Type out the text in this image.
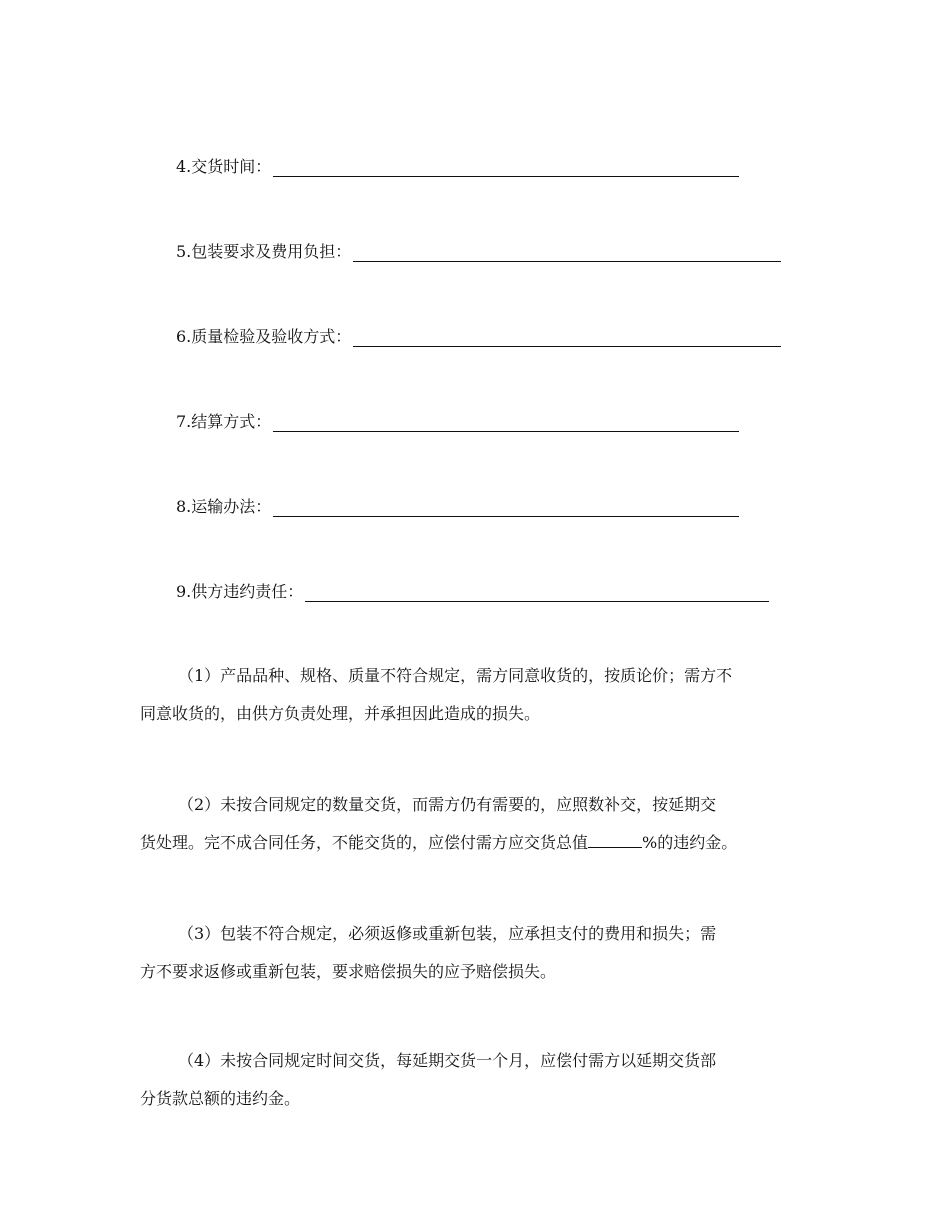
4.交货时间：
5.包装要求及费用负担：
6.质量检验及验收方式：
7.结算方式：
8.运输办法：
9.供方违约责任：
（1）产品品种、规格、质量不符合规定，需方同意收货的，按质论价；需方不
同意收货的，由供方负责处理，并承担因此造成的损失。
（2）未按合同规定的数量交货，而需方仍有需要的，应照数补交，按延期交
货处理。完不成合同任务，不能交货的，应偿付需方应交货总值	%的违约金。
（3）包装不符合规定，必须返修或重新包装，应承担支付的费用和损失；需
方不要求返修或重新包装，要求赔偿损失的应予赔偿损失。
（4）未按合同规定时间交货，每延期交货一个月，应偿付需方以延期交货部
分货款总额的违约金。
